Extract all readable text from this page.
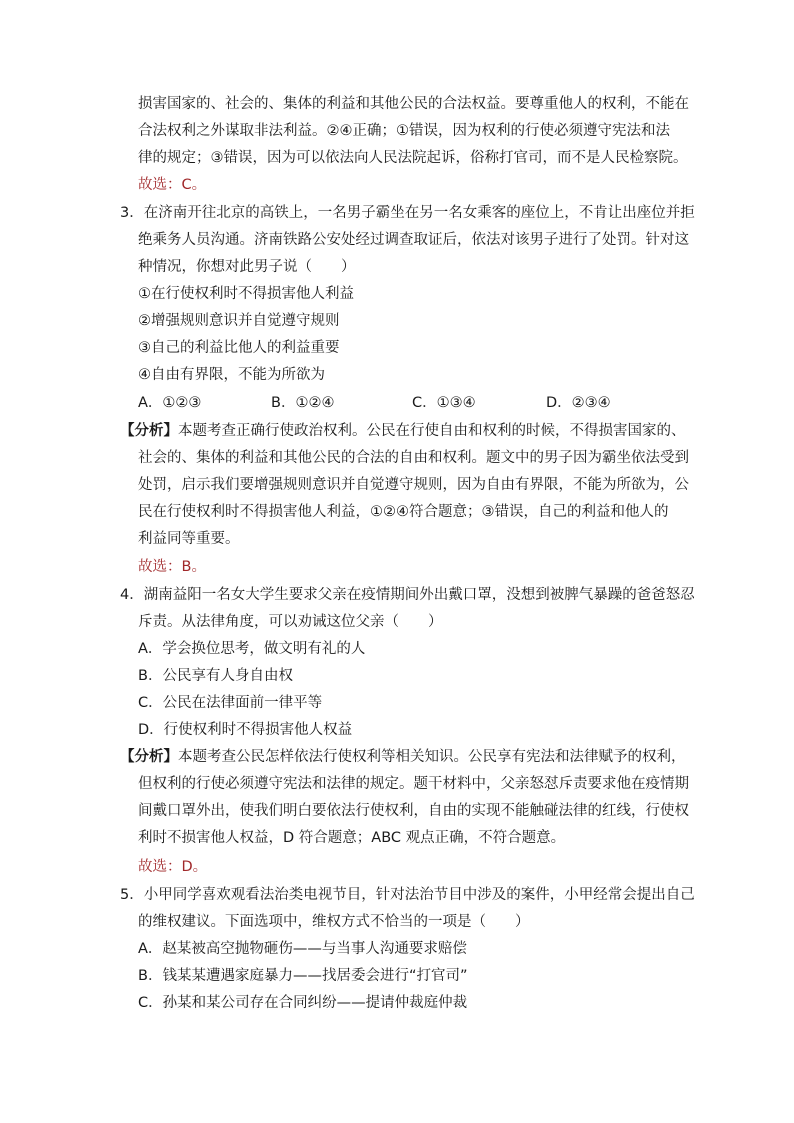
损害国家的、社会的、集体的利益和其他公民的合法权益。要尊重他人的权利，不能在
合法权利之外谋取非法利益。②④正确；①错误，因为权利的行使必须遵守宪法和法
律的规定；③错误，因为可以依法向人民法院起诉，俗称打官司，而不是人民检察院。
故选：C。
3．在济南开往北京的高铁上，一名男子霸坐在另一名女乘客的座位上，不肯让出座位并拒
绝乘务人员沟通。济南铁路公安处经过调查取证后，依法对该男子进行了处罚。针对这
种情况，你想对此男子说（　　）
①在行使权利时不得损害他人利益
②增强规则意识并自觉遵守规则
③自己的利益比他人的利益重要
④自由有界限，不能为所欲为
A．①②③	B．①②④	C．①③④	D．②③④
【分析】本题考查正确行使政治权利。公民在行使自由和权利的时候，不得损害国家的、
社会的、集体的利益和其他公民的合法的自由和权利。题文中的男子因为霸坐依法受到
处罚，启示我们要增强规则意识并自觉遵守规则，因为自由有界限，不能为所欲为，公
民在行使权利时不得损害他人利益，①②④符合题意；③错误，自己的利益和他人的
利益同等重要。
故选：B。
4．湖南益阳一名女大学生要求父亲在疫情期间外出戴口罩，没想到被脾气暴躁的爸爸怒忍
斥责。从法律角度，可以劝诫这位父亲（　　）
A．学会换位思考，做文明有礼的人
B．公民享有人身自由权
C．公民在法律面前一律平等
D．行使权利时不得损害他人权益
【分析】本题考查公民怎样依法行使权利等相关知识。公民享有宪法和法律赋予的权利，
但权利的行使必须遵守宪法和法律的规定。题干材料中，父亲怒怼斥责要求他在疫情期
间戴口罩外出，使我们明白要依法行使权利，自由的实现不能触碰法律的红线，行使权
利时不损害他人权益，D 符合题意；ABC 观点正确，不符合题意。
故选：D。
5．小甲同学喜欢观看法治类电视节目，针对法治节目中涉及的案件，小甲经常会提出自己
的维权建议。下面选项中，维权方式不恰当的一项是（　　）
A．赵某被高空抛物砸伤——与当事人沟通要求赔偿
B．钱某某遭遇家庭暴力——找居委会进行“打官司”
C．孙某和某公司存在合同纠纷——提请仲裁庭仲裁
